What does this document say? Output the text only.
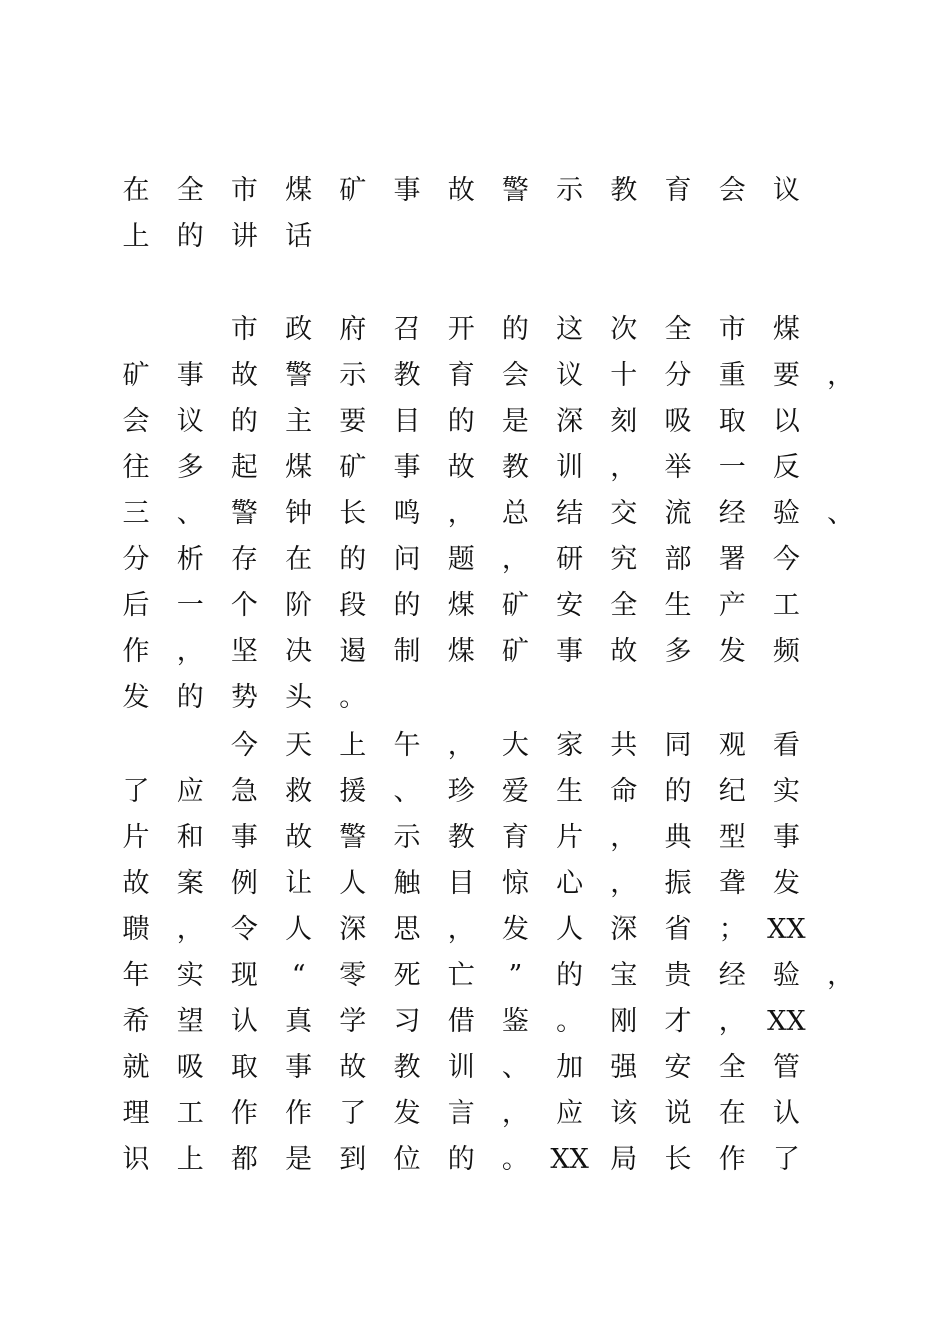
在 全 市 煤 矿 事 故 警 示 教 育 会 议
上 的 讲 话
市 政 府 召 开 的 这 次 全 市 煤
矿 事 故 警 示 教 育 会 议 十 分 重 要 ，
会 议 的 主 要 目 的 是 深 刻 吸 取 以
往 多 起 煤 矿 事 故 教 训 ， 举 一 反
三 、 警 钟 长 鸣 ， 总 结 交 流 经 验 、
分 析 存 在 的 问 题 ， 研 究 部 署 今
后 一 个 阶 段 的 煤 矿 安 全 生 产 工
作 ， 坚 决 遏 制 煤 矿 事 故 多 发 频
发 的 势 头 。
今 天 上 午 ， 大 家 共 同 观 看
了 应 急 救 援 、 珍 爱 生 命 的 纪 实
片 和 事 故 警 示 教 育 片 ， 典 型 事
故 案 例 让 人 触 目 惊 心 ， 振 聋 发
聩 ， 令 人 深 思 ， 发 人 深 省 ； XX
年 实 现	“	零 死 亡	”	的 宝 贵 经 验 ，
希 望 认 真 学 习 借 鉴 。 刚 才 ， XX
就 吸 取 事 故 教 训 、 加 强 安 全 管
理 工 作 作 了 发 言 ， 应 该 说 在 认
识 上 都 是 到 位 的 。 XX 局 长 作 了
